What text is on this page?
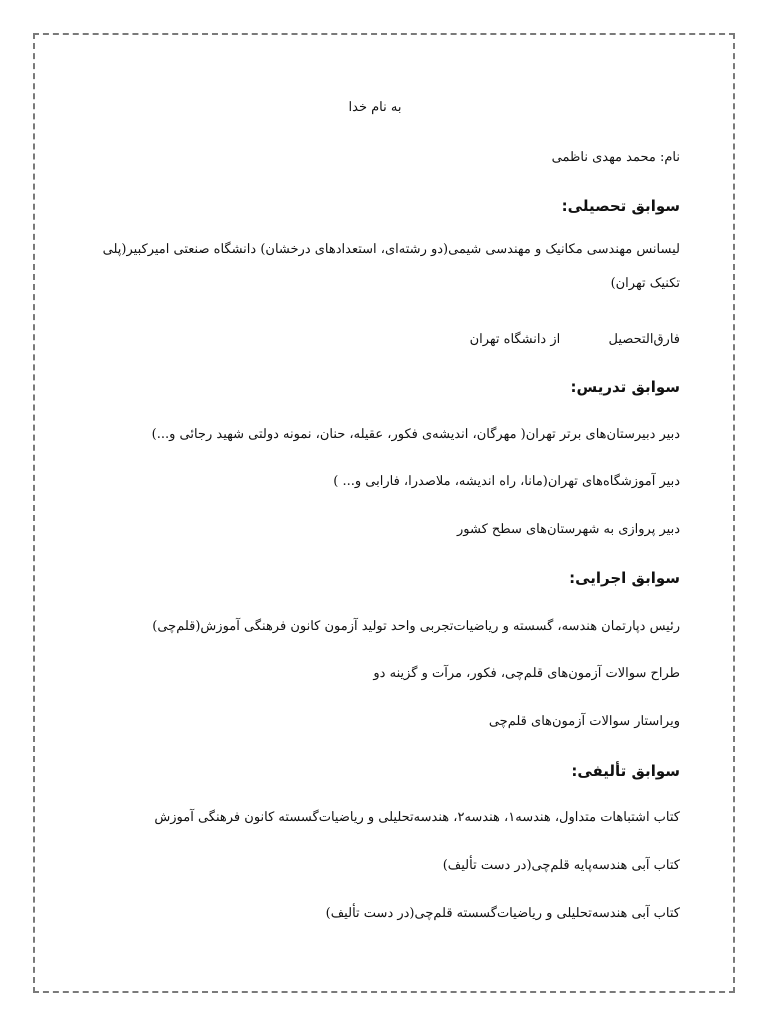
به نام خدا
نام: محمد مهدی ناظمی
سوابق تحصیلی:
لیسانس مهندسی مکانیک و مهندسی شیمی(دو رشته‌ای، استعدادهای درخشان) دانشگاه صنعتی امیرکبیر(پلی تکنیک تهران)
فارق‌التحصیل  از دانشگاه تهران
سوابق تدریس:
دبیر دبیرستان‌های برتر تهران( مهرگان، اندیشه‌ی فکور، عقیله، حنان، نمونه دولتی شهید رجائی و...)
دبیر آموزشگاه‌های تهران(مانا، راه اندیشه، ملاصدرا، فارابی و... )
دبیر پروازی به شهرستان‌های سطح کشور
سوابق اجرایی:
رئیس دپارتمان هندسه، گسسته و ریاضیات‌تجربی واحد تولید آزمون کانون فرهنگی آموزش(قلم‌چی)
طراح سوالات آزمون‌های قلم‌چی، فکور، مرآت و گزینه دو
ویراستار سوالات آزمون‌های قلم‌چی
سوابق تألیفی:
کتاب اشتباهات متداول، هندسه۱، هندسه۲، هندسه‌تحلیلی و ریاضیات‌گسسته کانون فرهنگی آموزش
کتاب آبی هندسه‌پایه قلم‌چی(در دست تألیف)
کتاب آبی هندسه‌تحلیلی و ریاضیات‌گسسته قلم‌چی(در دست تألیف)
